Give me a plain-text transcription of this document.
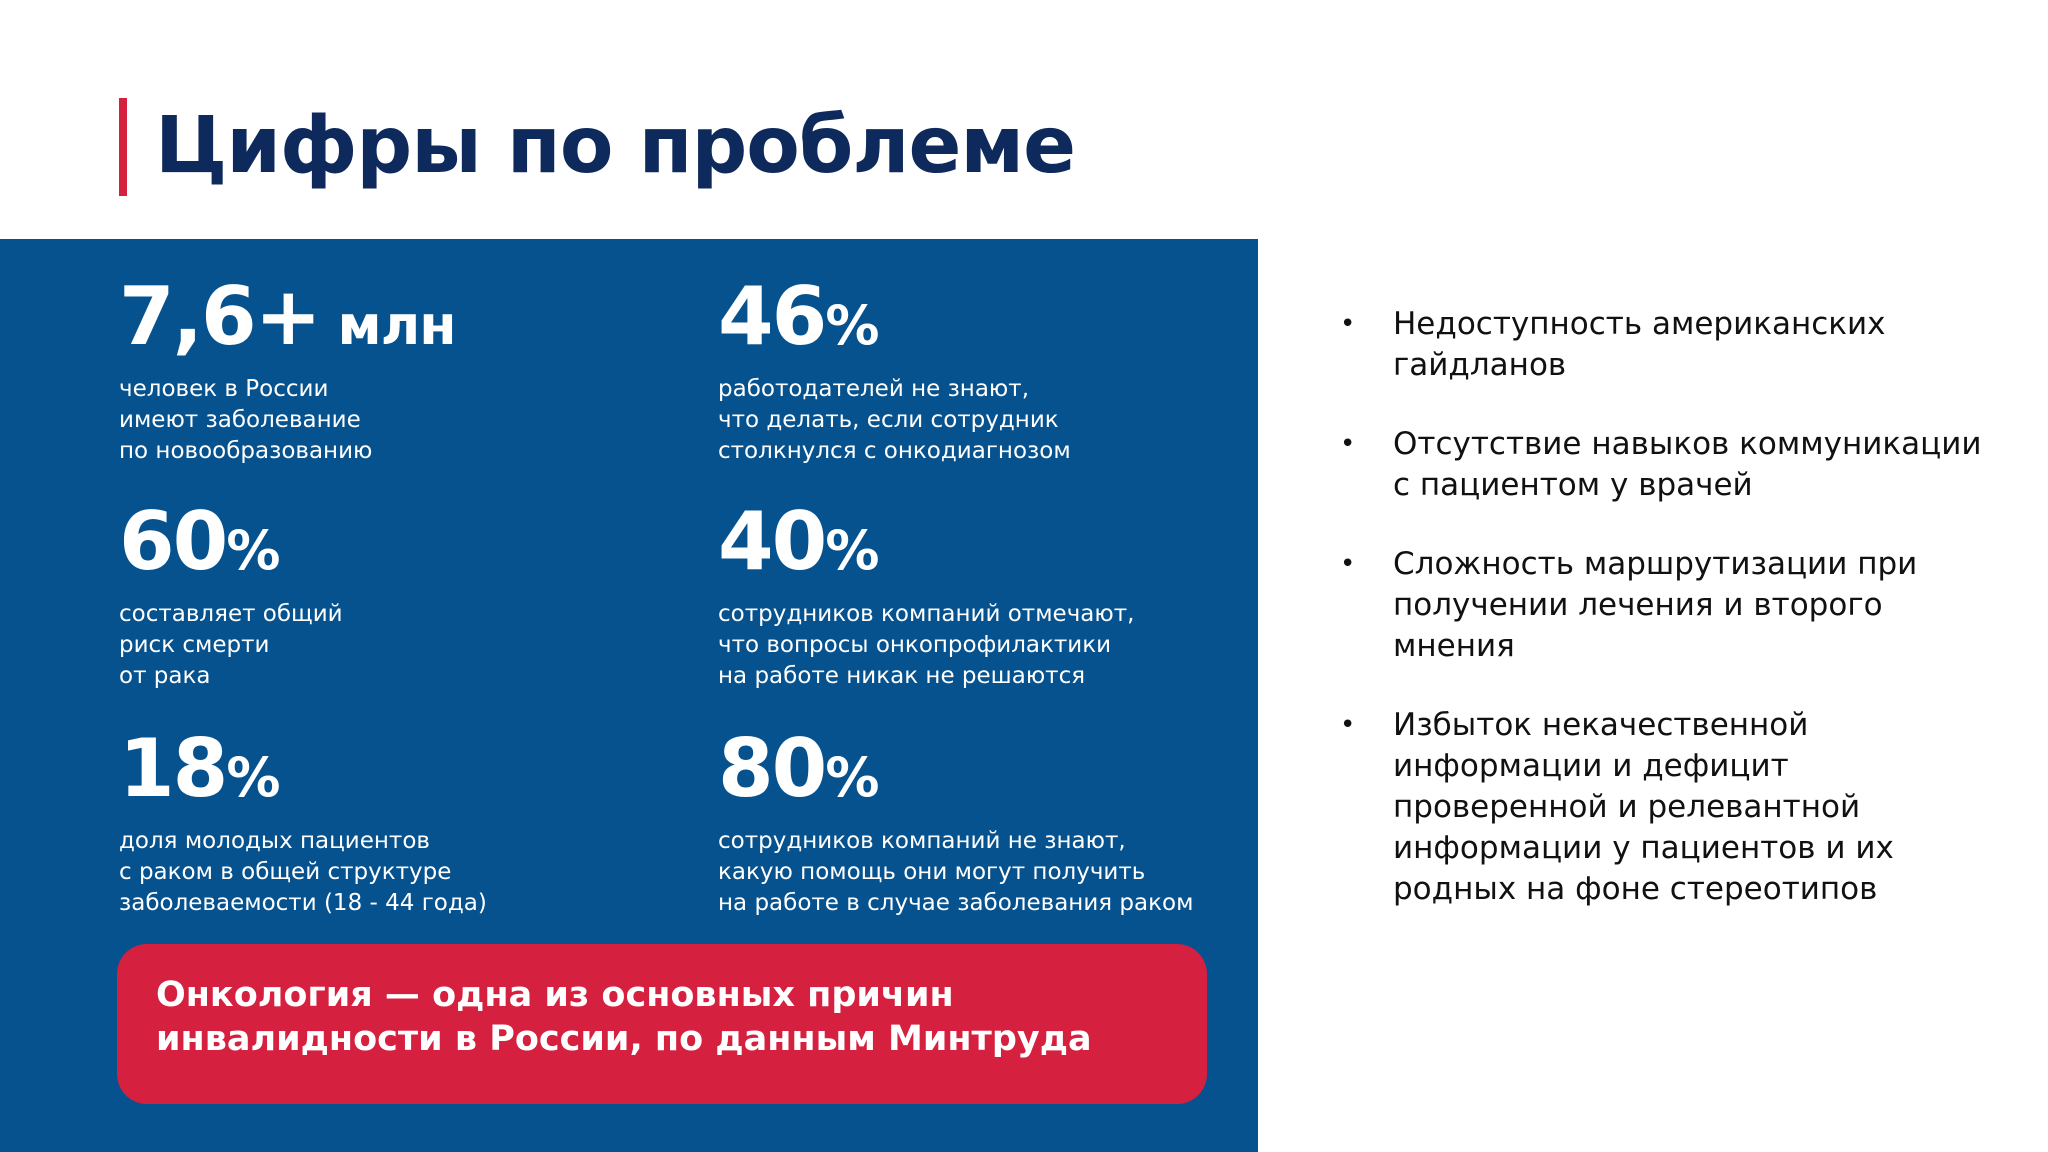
Цифры по проблеме
7,6+ млн
человек в России
имеют заболевание
по новообразованию
46%
работодателей не знают,
что делать, если сотрудник
столкнулся с онкодиагнозом
60%
составляет общий
риск смерти
от рака
40%
сотрудников компаний отмечают,
что вопросы онкопрофилактики
на работе никак не решаются
18%
доля молодых пациентов
с раком в общей структуре
заболеваемости (18 - 44 года)
80%
сотрудников компаний не знают,
какую помощь они могут получить
на работе в случае заболевания раком

Онкология — одна из основных причин
инвалидности в России, по данным Минтруда

• Недоступность американских гайдланов
• Отсутствие навыков коммуникации с пациентом у врачей
• Сложность маршрутизации при получении лечения и второго мнения
• Избыток некачественной информации и дефицит проверенной и релевантной информации у пациентов и их родных на фоне стереотипов
